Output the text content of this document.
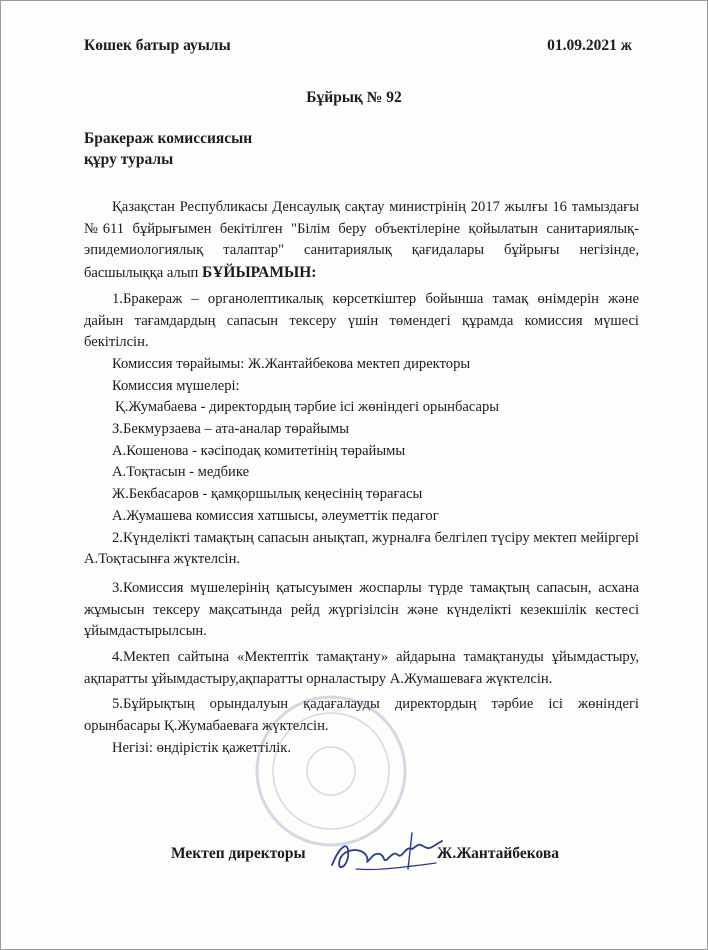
Көшек батыр ауылы	01.09.2021 ж
Бұйрық № 92
Бракераж комиссиясын
құру туралы

Қазақстан Республикасы Денсаулық сақтау министрінің 2017 жылғы 16 тамыздағы №611 бұйрығымен бекітілген "Білім беру объектілеріне қойылатын санитариялық-эпидемиологиялық талаптар" санитариялық қағидалары бұйрығы негізінде, басшылыққа алып БҰЙЫРАМЫН:

1.Бракераж – органолептикалық көрсеткіштер бойынша тамақ өнімдерін және дайын тағамдардың сапасын тексеру үшін төмендегі құрамда комиссия мүшесі бекітілсін.

Комиссия төрайымы: Ж.Жантайбекова мектеп директоры

Комиссия мүшелері:

Қ.Жумабаева - директордың тәрбие ісі жөніндегі орынбасары

З.Бекмурзаева – ата-аналар төрайымы

А.Кошенова - кәсіподақ комитетінің төрайымы

А.Тоқтасын - медбике

Ж.Бекбасаров - қамқоршылық кеңесінің төрағасы

А.Жумашева комиссия хатшысы, әлеуметтік педагог

2.Күнделікті тамақтың сапасын анықтап, журналға белгілеп түсіру мектеп мейіргері А.Тоқтасынға жүктелсін.

3.Комиссия мүшелерінің қатысуымен жоспарлы түрде тамақтың сапасын, асхана жұмысын тексеру мақсатында рейд жүргізілсін және күнделікті кезекшілік кестесі ұйымдастырылсын.

4.Мектеп сайтына «Мектептік тамақтану» айдарына тамақтануды ұйымдастыру, ақпаратты ұйымдастыру,ақпаратты орналастыру А.Жумашеваға жүктелсін.

5.Бұйрықтың орындалуын қадағалауды директордың тәрбие ісі жөніндегі орынбасары Қ.Жумабаеваға жүктелсін.

Негізі: өндірістік қажеттілік.

Мектеп директоры	Ж.Жантайбекова
